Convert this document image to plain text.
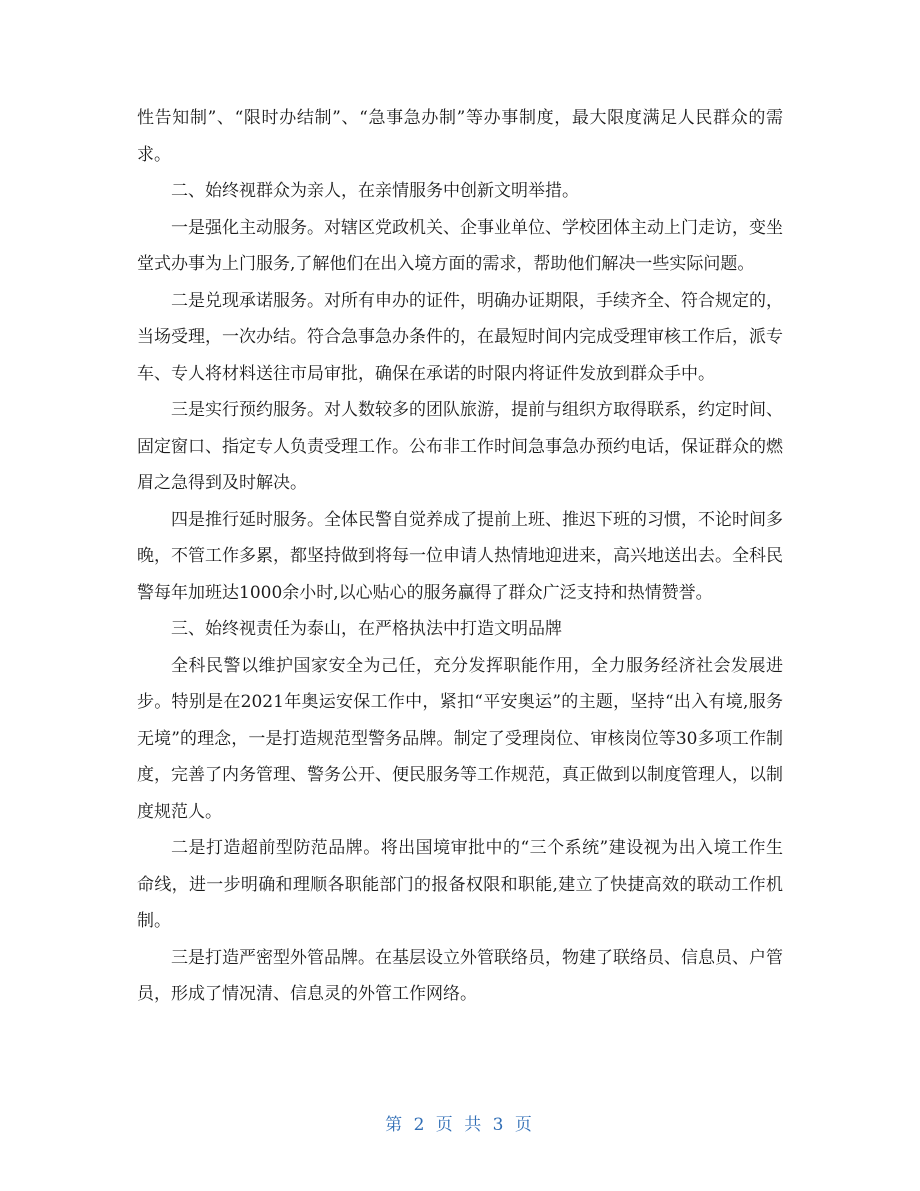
性告知制”、“限时办结制”、“急事急办制”等办事制度，最大限度满足人民群众的需求。

二、始终视群众为亲人，在亲情服务中创新文明举措。

一是强化主动服务。对辖区党政机关、企事业单位、学校团体主动上门走访，变坐堂式办事为上门服务,了解他们在出入境方面的需求，帮助他们解决一些实际问题。

二是兑现承诺服务。对所有申办的证件，明确办证期限，手续齐全、符合规定的，当场受理，一次办结。符合急事急办条件的，在最短时间内完成受理审核工作后，派专车、专人将材料送往市局审批，确保在承诺的时限内将证件发放到群众手中。

三是实行预约服务。对人数较多的团队旅游，提前与组织方取得联系，约定时间、固定窗口、指定专人负责受理工作。公布非工作时间急事急办预约电话，保证群众的燃眉之急得到及时解决。

四是推行延时服务。全体民警自觉养成了提前上班、推迟下班的习惯，不论时间多晚，不管工作多累，都坚持做到将每一位申请人热情地迎进来，高兴地送出去。全科民警每年加班达1000余小时,以心贴心的服务赢得了群众广泛支持和热情赞誉。

三、始终视责任为泰山，在严格执法中打造文明品牌

全科民警以维护国家安全为己任，充分发挥职能作用，全力服务经济社会发展进步。特别是在2021年奥运安保工作中，紧扣“平安奥运”的主题，坚持“出入有境,服务无境”的理念，一是打造规范型警务品牌。制定了受理岗位、审核岗位等30多项工作制度，完善了内务管理、警务公开、便民服务等工作规范，真正做到以制度管理人，以制度规范人。

二是打造超前型防范品牌。将出国境审批中的“三个系统”建设视为出入境工作生命线，进一步明确和理顺各职能部门的报备权限和职能,建立了快捷高效的联动工作机制。

三是打造严密型外管品牌。在基层设立外管联络员，物建了联络员、信息员、户管员，形成了情况清、信息灵的外管工作网络。

第 2 页 共 3 页
